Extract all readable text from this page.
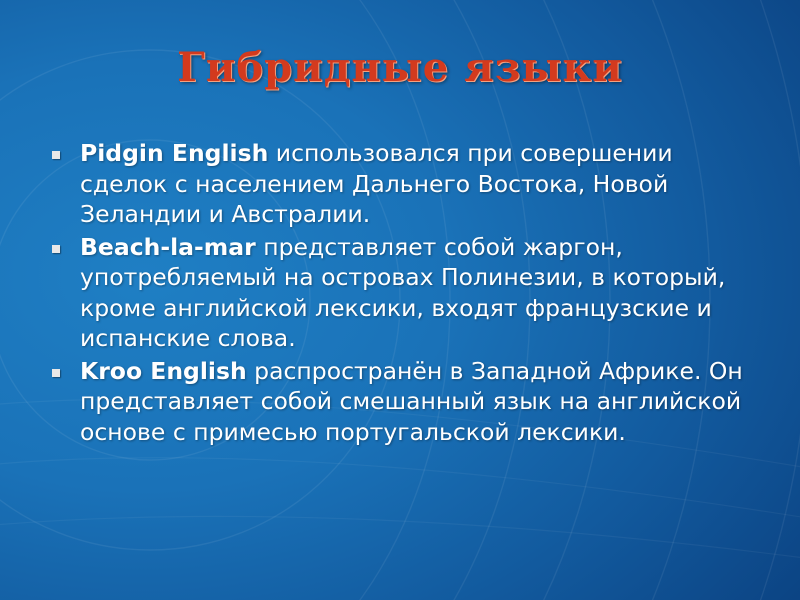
Гибридные языки
Pidgin English использовался при совершении сделок с населением Дальнего Востока, Новой Зеландии и Австралии.
Beach-la-mar представляет собой жаргон, употребляемый на островах Полинезии, в который, кроме английской лексики, входят французские и испанские слова.
Kroo English распространён в Западной Африке. Он представляет собой смешанный язык на английской основе с примесью португальской лексики.
